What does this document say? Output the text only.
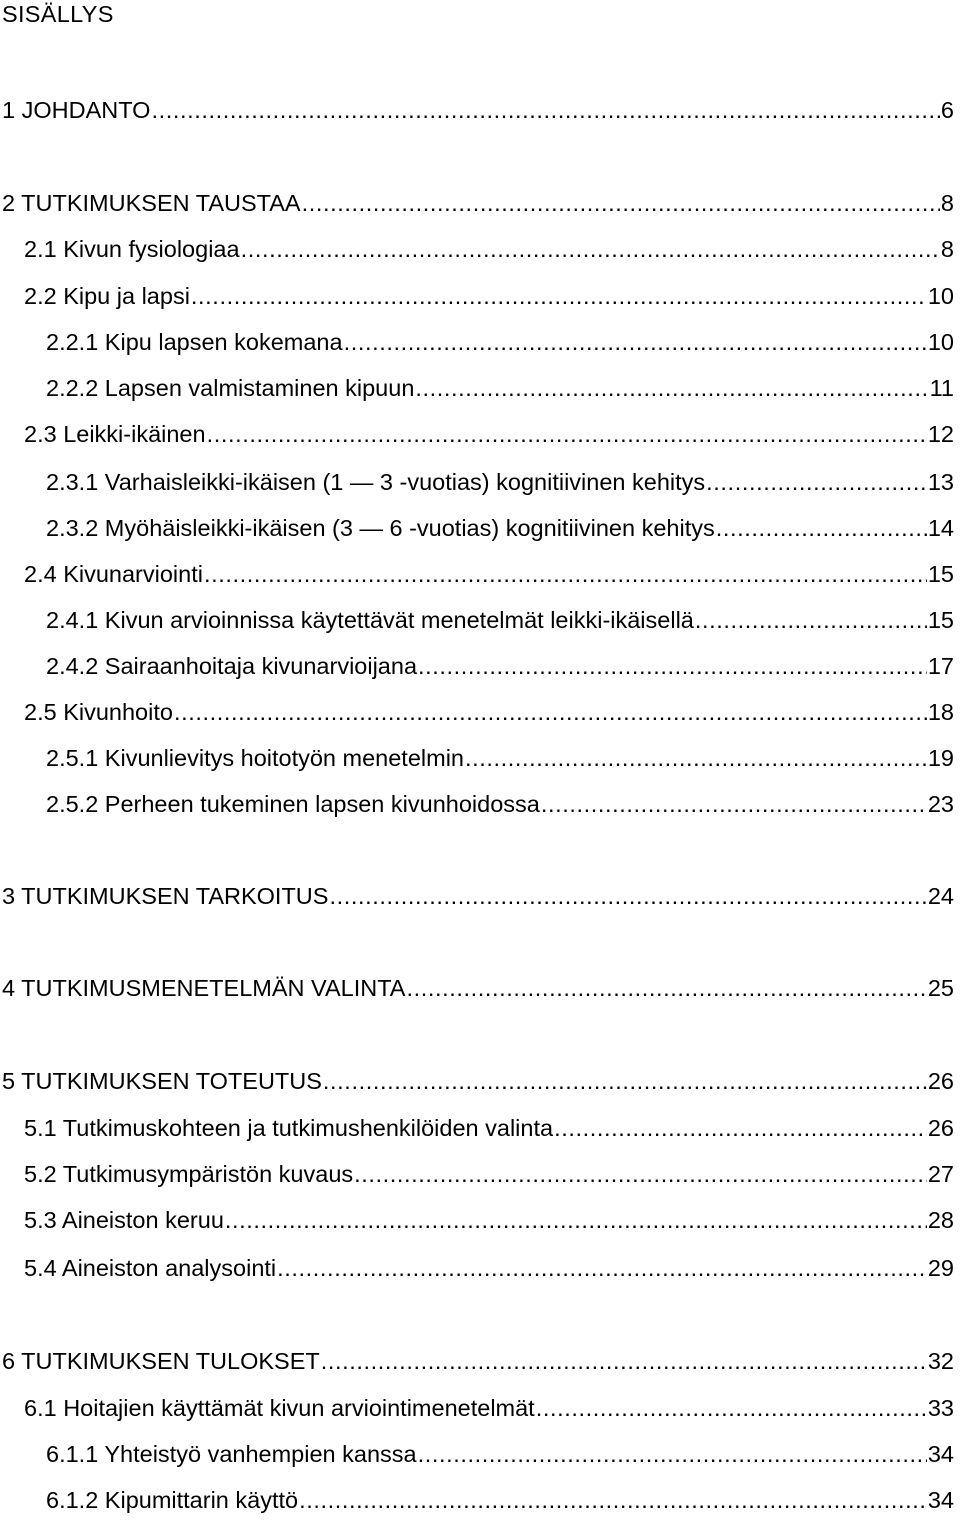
SISÄLLYS
1 JOHDANTO .....	6
2 TUTKIMUKSEN TAUSTAA .....	8
2.1 Kivun fysiologiaa .....	8
2.2 Kipu ja lapsi .....	10
2.2.1 Kipu lapsen kokemana .....	10
2.2.2 Lapsen valmistaminen kipuun .....	11
2.3 Leikki-ikäinen .....	12
2.3.1 Varhaisleikki-ikäisen (1 — 3 -vuotias) kognitiivinen kehitys .....	13
2.3.2 Myöhäisleikki-ikäisen (3 — 6 -vuotias) kognitiivinen kehitys .....	14
2.4 Kivunarviointi .....	15
2.4.1 Kivun arvioinnissa käytettävät menetelmät leikki-ikäisellä .....	15
2.4.2 Sairaanhoitaja kivunarvioijana .....	17
2.5 Kivunhoito .....	18
2.5.1 Kivunlievitys hoitotyön menetelmin .....	19
2.5.2 Perheen tukeminen lapsen kivunhoidossa .....	23
3 TUTKIMUKSEN TARKOITUS .....	24
4 TUTKIMUSMENETELMÄN VALINTA .....	25
5 TUTKIMUKSEN TOTEUTUS .....	26
5.1 Tutkimuskohteen ja tutkimushenkilöiden valinta .....	26
5.2 Tutkimusympäristön kuvaus .....	27
5.3 Aineiston keruu .....	28
5.4 Aineiston analysointi .....	29
6 TUTKIMUKSEN TULOKSET .....	32
6.1 Hoitajien käyttämät kivun arviointimenetelmät .....	33
6.1.1 Yhteistyö vanhempien kanssa .....	34
6.1.2 Kipumittarin käyttö .....	34
